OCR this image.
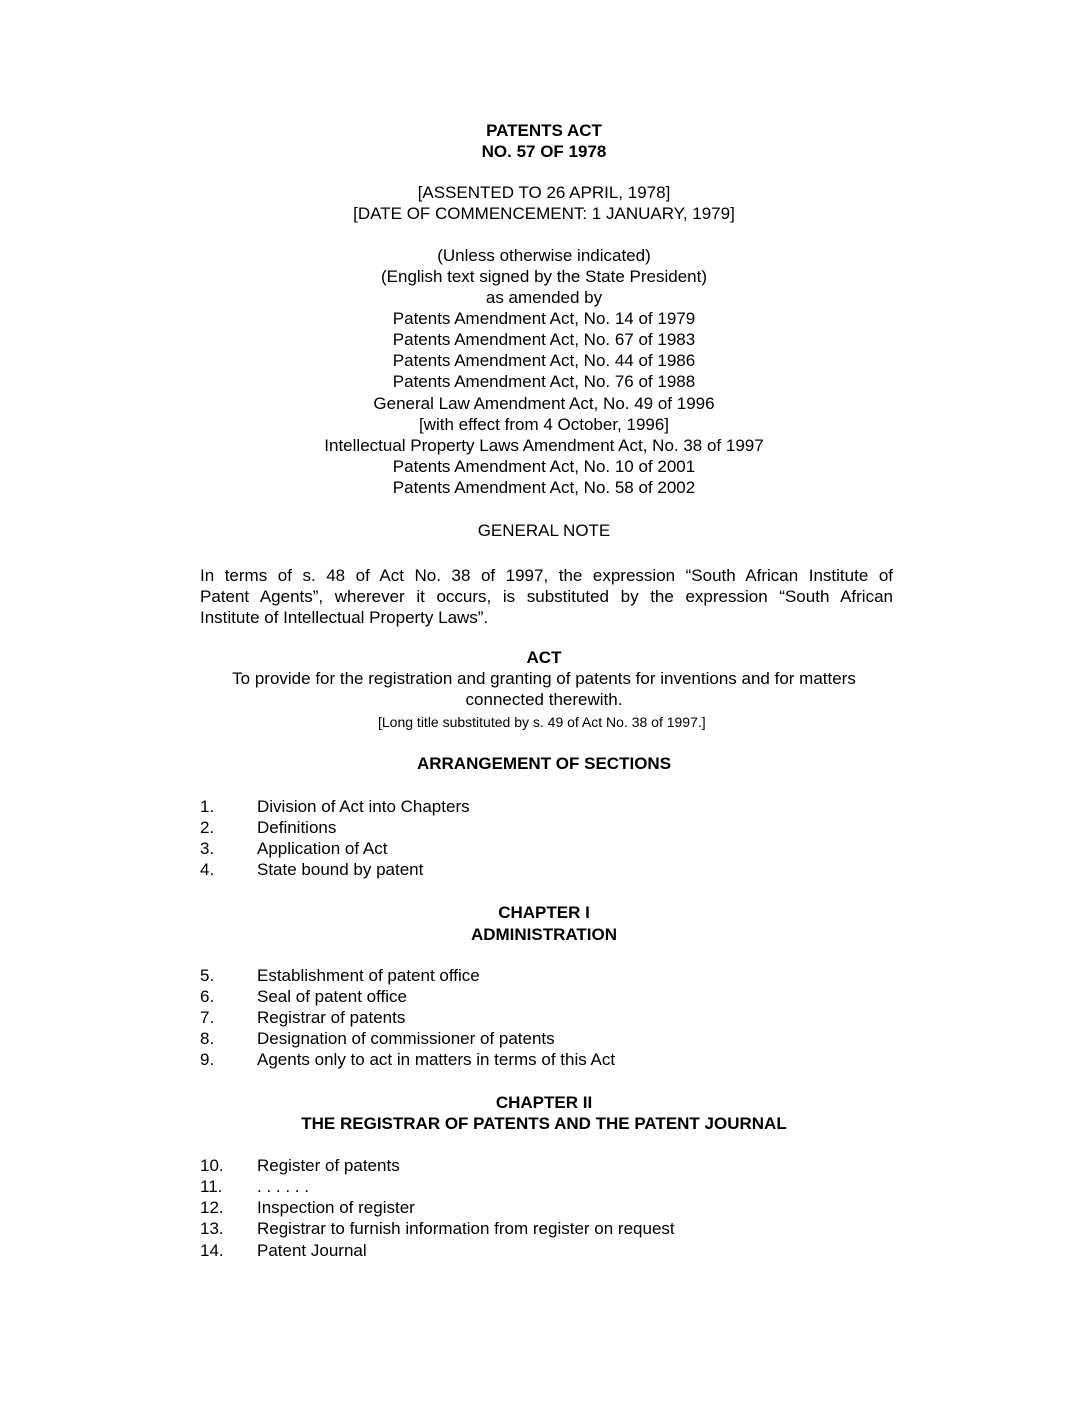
PATENTS ACT
NO. 57 OF 1978
[ASSENTED TO 26 APRIL, 1978]
[DATE OF COMMENCEMENT: 1 JANUARY, 1979]
(Unless otherwise indicated)
(English text signed by the State President)
as amended by
Patents Amendment Act, No. 14 of 1979
Patents Amendment Act, No. 67 of 1983
Patents Amendment Act, No. 44 of 1986
Patents Amendment Act, No. 76 of 1988
General Law Amendment Act, No. 49 of 1996
[with effect from 4 October, 1996]
Intellectual Property Laws Amendment Act, No. 38 of 1997
Patents Amendment Act, No. 10 of 2001
Patents Amendment Act, No. 58 of 2002
GENERAL NOTE
In terms of s. 48 of Act No. 38 of 1997, the expression “South African Institute of
Patent Agents”, wherever it occurs, is substituted by the expression “South African
Institute of Intellectual Property Laws”.
ACT
To provide for the registration and granting of patents for inventions and for matters
connected therewith.
[Long title substituted by s. 49 of Act No. 38 of 1997.]
ARRANGEMENT OF SECTIONS
1.	Division of Act into Chapters
2.	Definitions
3.	Application of Act
4.	State bound by patent
CHAPTER I
ADMINISTRATION
5.	Establishment of patent office
6.	Seal of patent office
7.	Registrar of patents
8.	Designation of commissioner of patents
9.	Agents only to act in matters in terms of this Act
CHAPTER II
THE REGISTRAR OF PATENTS AND THE PATENT JOURNAL
10.	Register of patents
11.	. . . . . .
12.	Inspection of register
13.	Registrar to furnish information from register on request
14.	Patent Journal
